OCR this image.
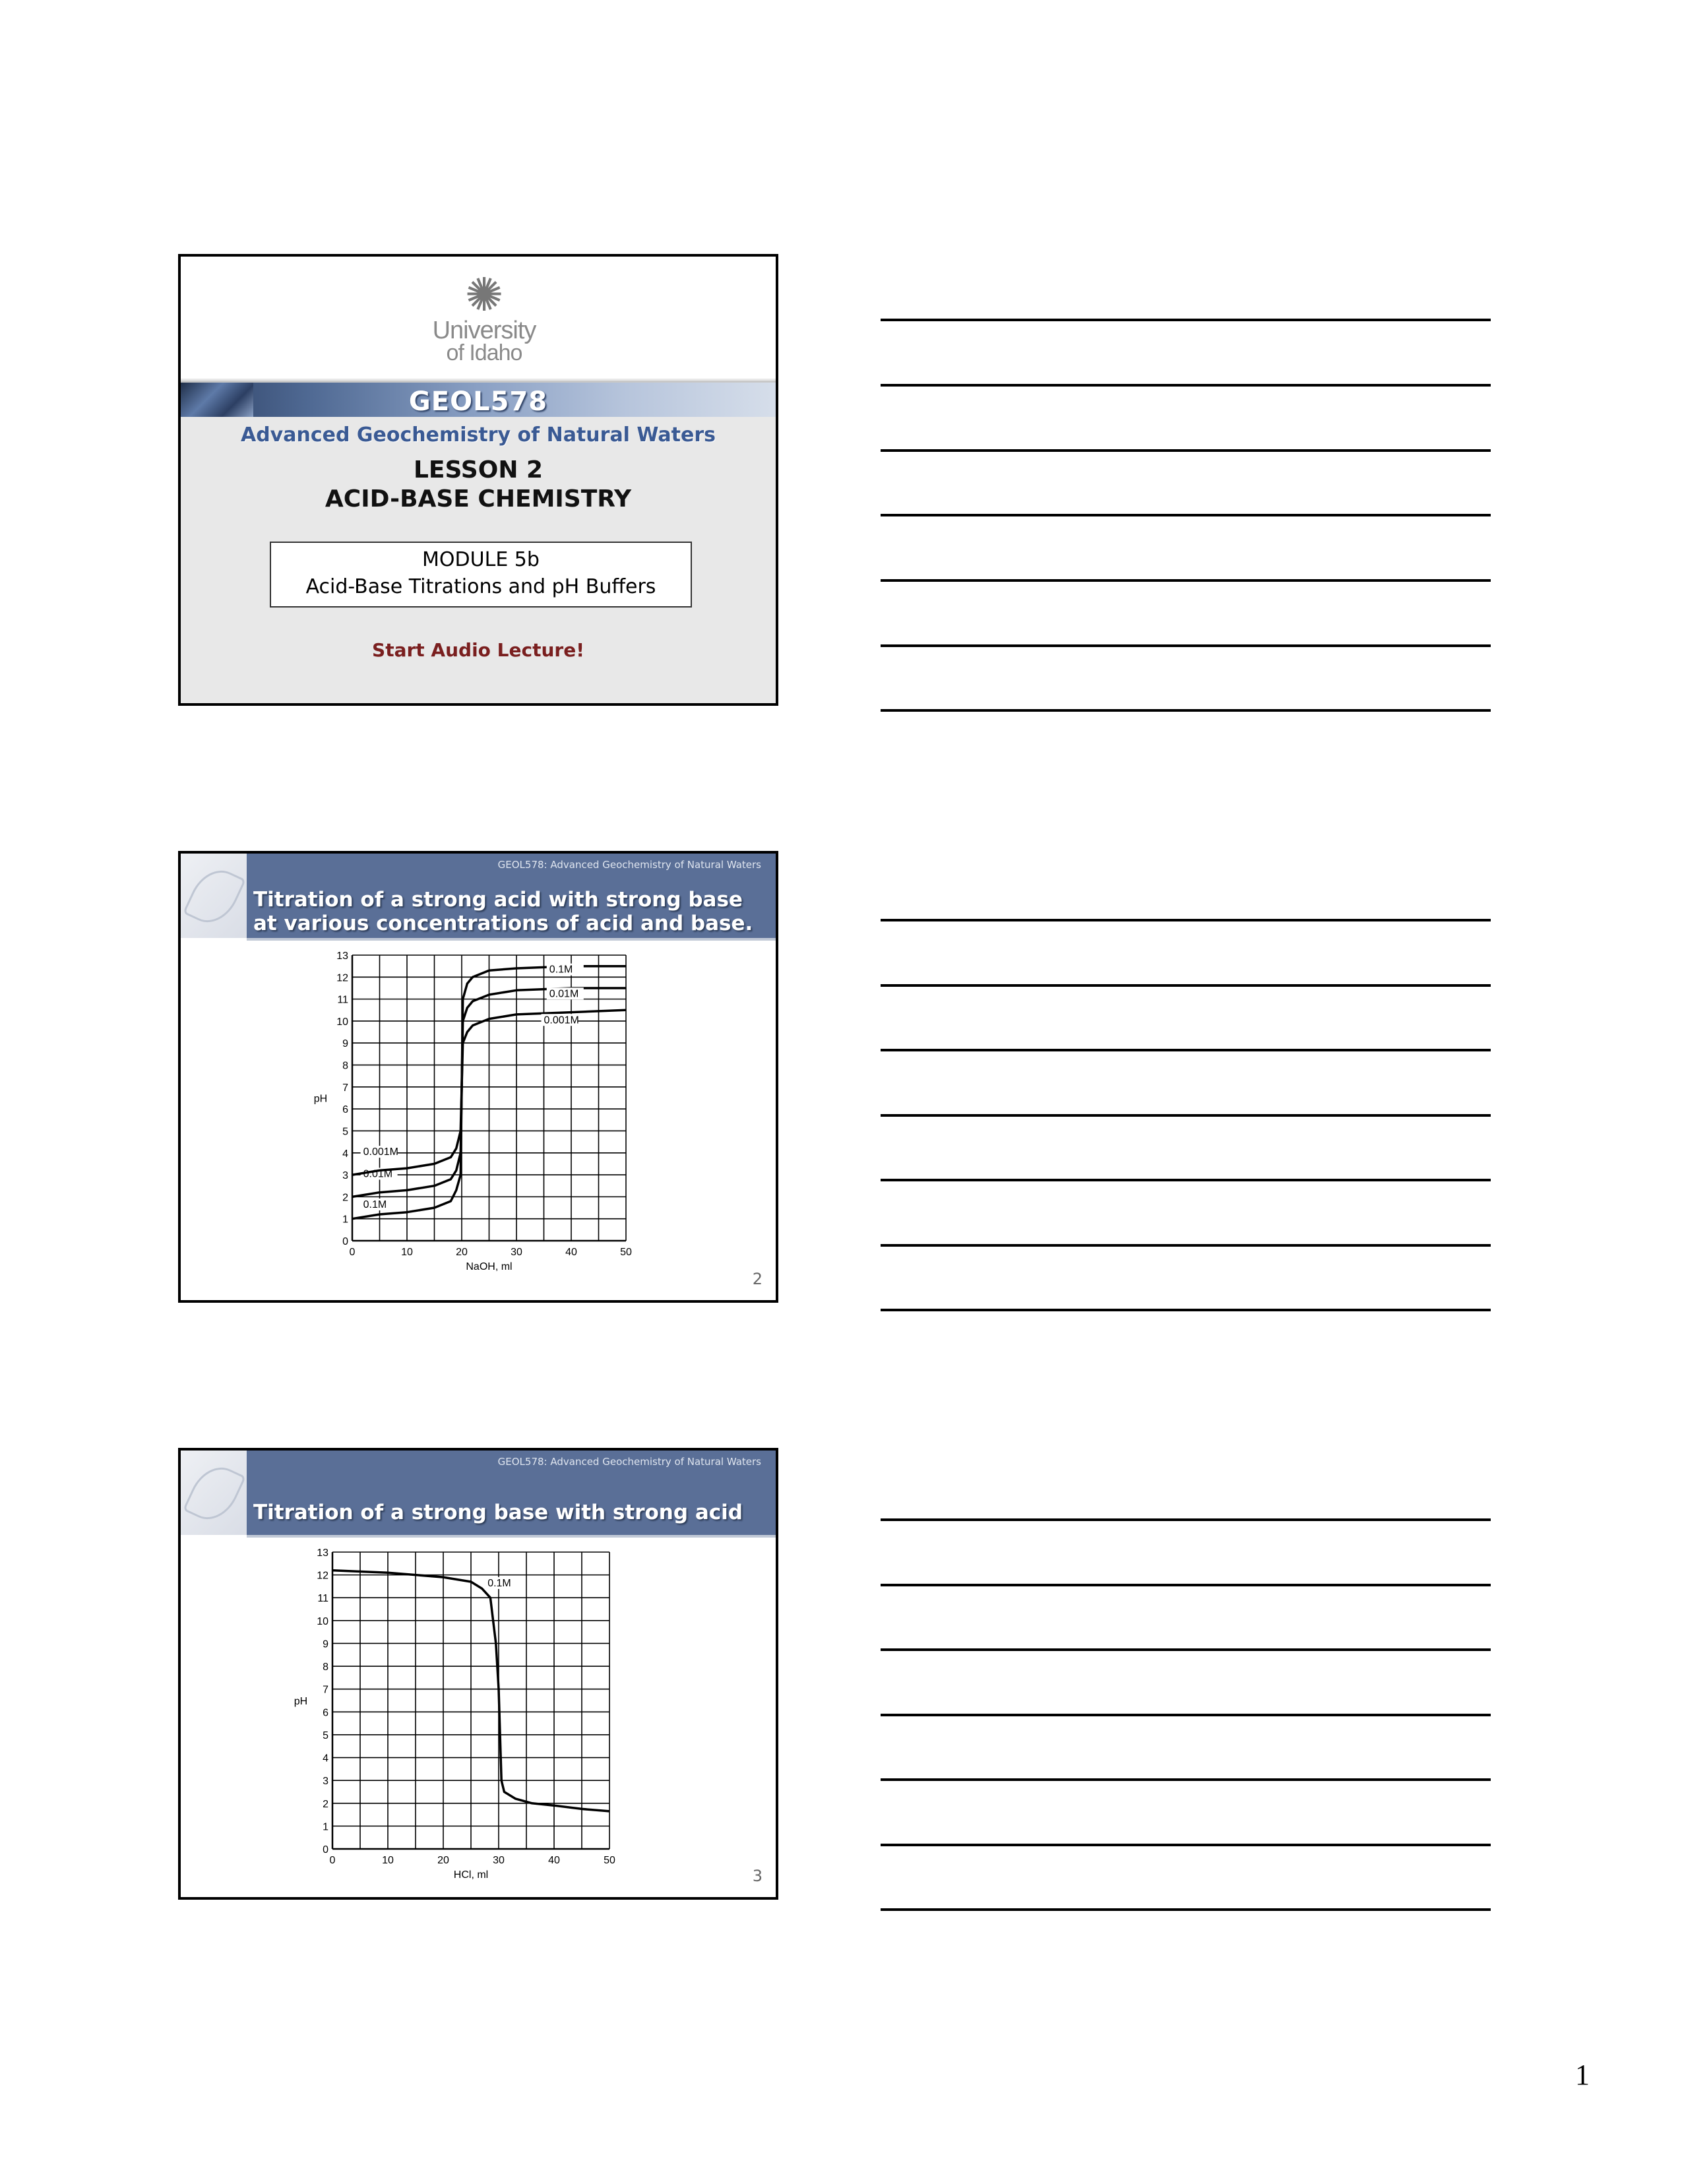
✺
University
of Idaho
GEOL578
Advanced Geochemistry of Natural Waters
LESSON 2
ACID-BASE CHEMISTRY
MODULE 5b
Acid-Base Titrations and pH Buffers
Start Audio Lecture!
GEOL578: Advanced Geochemistry of Natural Waters
Titration of a strong acid with strong base
at various concentrations of acid and base.
0
1
2
3
4
5
6
7
8
9
10
11
12
13
0	10	20	30	40	50
pH
NaOH, ml
0.1M
0.1M
0.01M
0.01M
0.001M
0.001M
2
GEOL578: Advanced Geochemistry of Natural Waters
Titration of a strong base with strong acid
0
1
2
3
4
5
6
7
8
9
10
11
12
13
0	10	20	30	40	50
pH
HCl, ml
0.1M
3
1
